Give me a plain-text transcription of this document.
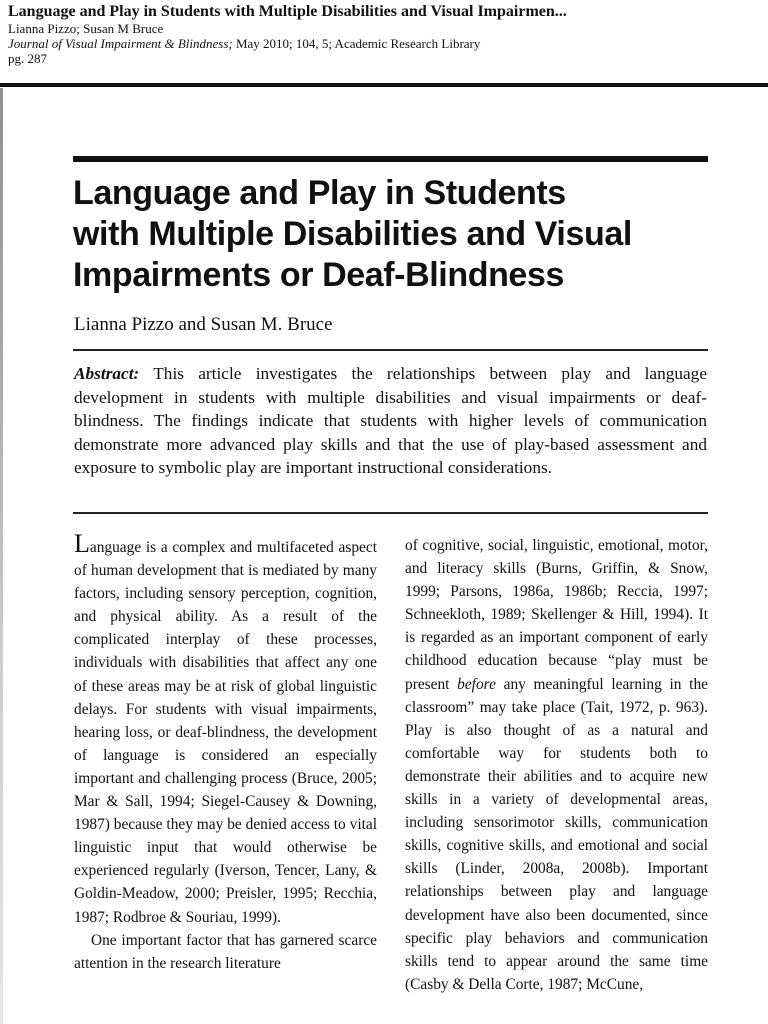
Language and Play in Students with Multiple Disabilities and Visual Impairmen...
Lianna Pizzo; Susan M Bruce
Journal of Visual Impairment & Blindness; May 2010; 104, 5; Academic Research Library
pg. 287
Language and Play in Students
with Multiple Disabilities and Visual
Impairments or Deaf-Blindness
Lianna Pizzo and Susan M. Bruce
Abstract: This article investigates the relationships between play and language development in students with multiple disabilities and visual impairments or deaf-blindness. The findings indicate that students with higher levels of communication demonstrate more advanced play skills and that the use of play-based assessment and exposure to symbolic play are important instructional considerations.

Language is a complex and multifaceted aspect of human development that is mediated by many factors, including sensory perception, cognition, and physical ability. As a result of the complicated interplay of these processes, individuals with disabilities that affect any one of these areas may be at risk of global linguistic delays. For students with visual impairments, hearing loss, or deaf-blindness, the development of language is considered an especially important and challenging process (Bruce, 2005; Mar & Sall, 1994; Siegel-Causey & Downing, 1987) because they may be denied access to vital linguistic input that would otherwise be experienced regularly (Iverson, Tencer, Lany, & Goldin-Meadow, 2000; Preisler, 1995; Recchia, 1987; Rodbroe & Souriau, 1999).

One important factor that has garnered scarce attention in the research literature

of cognitive, social, linguistic, emotional, motor, and literacy skills (Burns, Griffin, & Snow, 1999; Parsons, 1986a, 1986b; Reccia, 1997; Schneekloth, 1989; Skellenger & Hill, 1994). It is regarded as an important component of early childhood education because “play must be present before any meaningful learning in the classroom” may take place (Tait, 1972, p. 963). Play is also thought of as a natural and comfortable way for students both to demonstrate their abilities and to acquire new skills in a variety of developmental areas, including sensorimotor skills, communication skills, cognitive skills, and emotional and social skills (Linder, 2008a, 2008b). Important relationships between play and language development have also been documented, since specific play behaviors and communication skills tend to appear around the same time (Casby & Della Corte, 1987; McCune,
